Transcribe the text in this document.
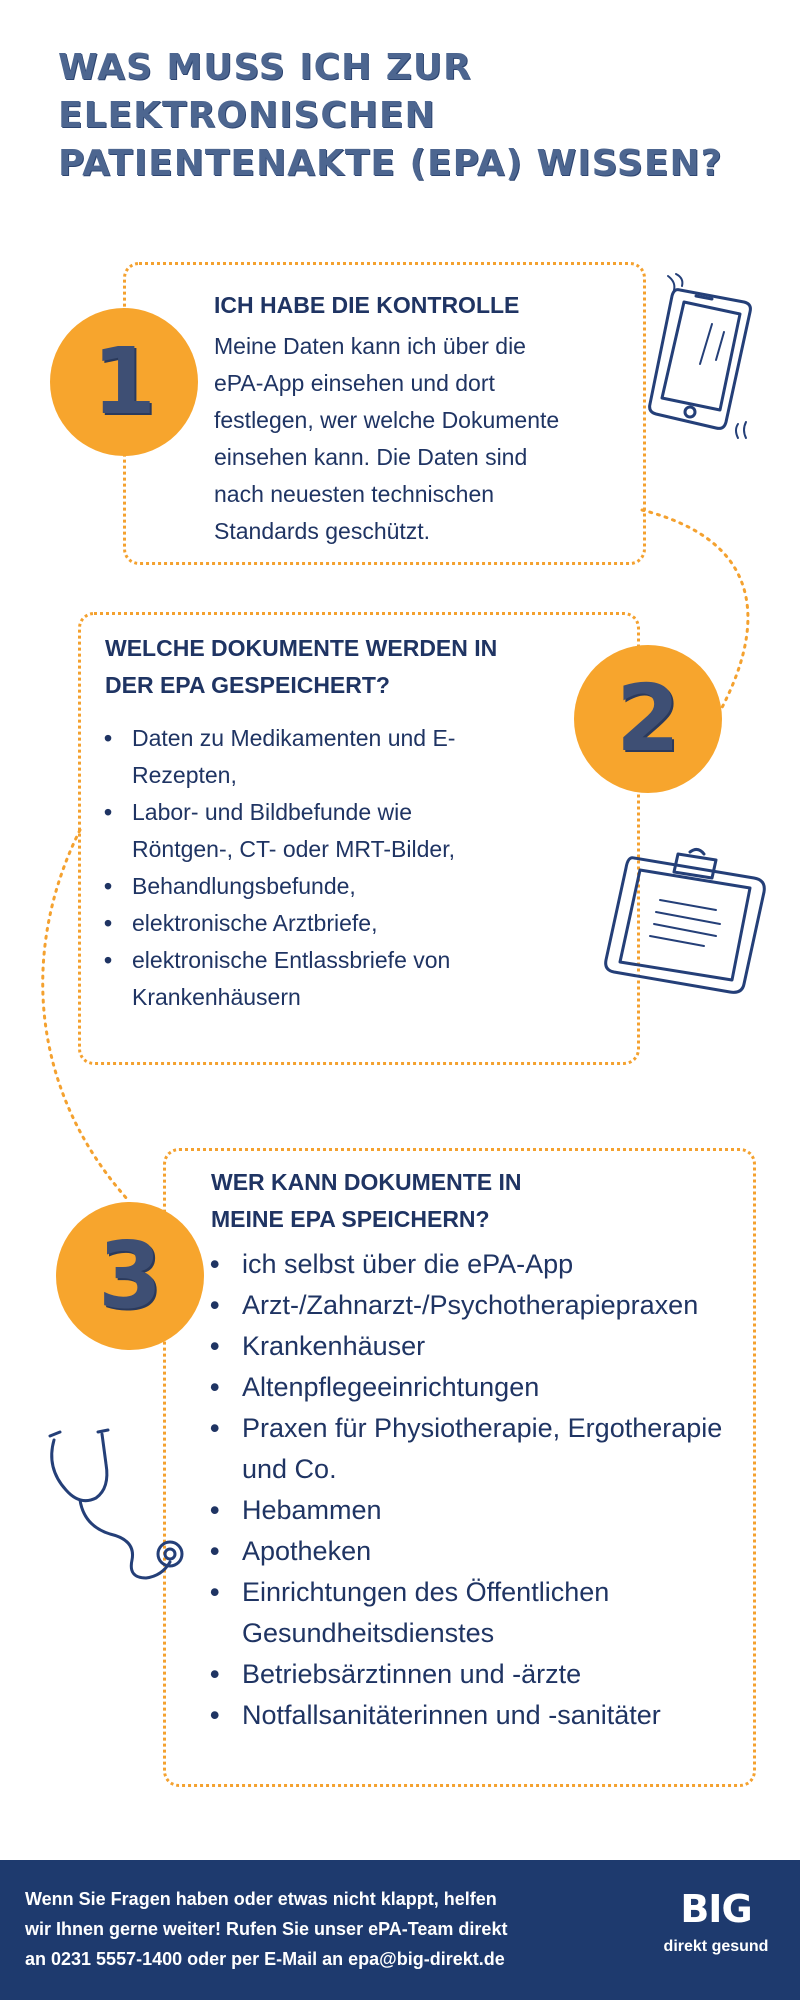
WAS MUSS ICH ZUR
ELEKTRONISCHEN
PATIENTENAKTE (EPA) WISSEN?
1
ICH HABE DIE KONTROLLE

Meine Daten kann ich über die
ePA-App einsehen und dort
festlegen, wer welche Dokumente
einsehen kann. Die Daten sind
nach neuesten technischen
Standards geschützt.

2
WELCHE DOKUMENTE WERDEN IN
DER EPA GESPEICHERT?
• Daten zu Medikamenten und E-
Rezepten,
• Labor- und Bildbefunde wie
Röntgen-, CT- oder MRT-Bilder,
• Behandlungsbefunde,
• elektronische Arztbriefe,
• elektronische Entlassbriefe von
Krankenhäusern
3
WER KANN DOKUMENTE IN
MEINE EPA SPEICHERN?
• ich selbst über die ePA-App
• Arzt-/Zahnarzt-/Psychotherapiepraxen
• Krankenhäuser
• Altenpflegeeinrichtungen
• Praxen für Physiotherapie, Ergotherapie
und Co.
• Hebammen
• Apotheken
• Einrichtungen des Öffentlichen
Gesundheitsdienstes
• Betriebsärztinnen und -ärzte
• Notfallsanitäterinnen und -sanitäter

Wenn Sie Fragen haben oder etwas nicht klappt, helfen
wir Ihnen gerne weiter! Rufen Sie unser ePA-Team direkt
an 0231 5557-1400 oder per E-Mail an epa@big-direkt.de

BIG
direkt gesund
